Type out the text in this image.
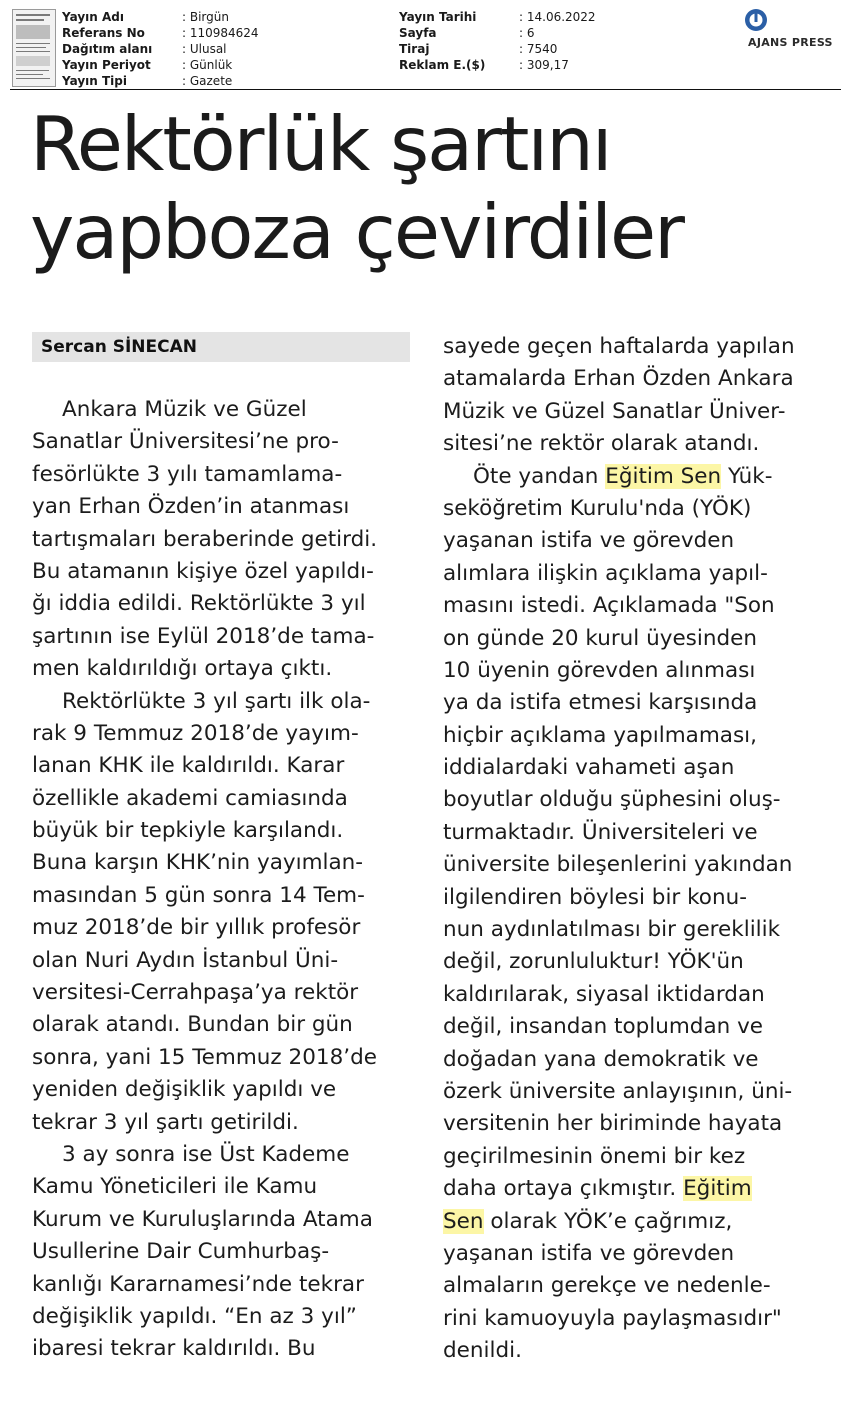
Yayın Adı	: Birgün
Referans No	: 110984624
Dağıtım alanı : Ulusal
Yayın Periyot	: Günlük
Yayın Tipi	: Gazete
Yayın Tarihi	: 14.06.2022
Sayfa	: 6
Tiraj	: 7540
Reklam E.($)	: 309,17
AJANS PRESS
Rektörlük şartını
yapboza çevirdiler
Sercan SİNECAN
Ankara Müzik ve Güzel
Sanatlar Üniversitesi’ne pro-
fesörlükte 3 yılı tamamlama-
yan Erhan Özden’in atanması
tartışmaları beraberinde getirdi.
Bu atamanın kişiye özel yapıldı-
ğı iddia edildi. Rektörlükte 3 yıl
şartının ise Eylül 2018’de tama-
men kaldırıldığı ortaya çıktı.
Rektörlükte 3 yıl şartı ilk ola-
rak 9 Temmuz 2018’de yayım-
lanan KHK ile kaldırıldı. Karar
özellikle akademi camiasında
büyük bir tepkiyle karşılandı.
Buna karşın KHK’nin yayımlan-
masından 5 gün sonra 14 Tem-
muz 2018’de bir yıllık profesör
olan Nuri Aydın İstanbul Üni-
versitesi-Cerrahpaşa’ya rektör
olarak atandı. Bundan bir gün
sonra, yani 15 Temmuz 2018’de
yeniden değişiklik yapıldı ve
tekrar 3 yıl şartı getirildi.
3 ay sonra ise Üst Kademe
Kamu Yöneticileri ile Kamu
Kurum ve Kuruluşlarında Atama
Usullerine Dair Cumhurbaş-
kanlığı Kararnamesi’nde tekrar
değişiklik yapıldı. “En az 3 yıl”
ibaresi tekrar kaldırıldı. Bu
sayede geçen haftalarda yapılan
atamalarda Erhan Özden Ankara
Müzik ve Güzel Sanatlar Üniver-
sitesi’ne rektör olarak atandı.
Öte yandan Eğitim Sen Yük-
seköğretim Kurulu'nda (YÖK)
yaşanan istifa ve görevden
alımlara ilişkin açıklama yapıl-
masını istedi. Açıklamada "Son
on günde 20 kurul üyesinden
10 üyenin görevden alınması
ya da istifa etmesi karşısında
hiçbir açıklama yapılmaması,
iddialardaki vahameti aşan
boyutlar olduğu şüphesini oluş-
turmaktadır. Üniversiteleri ve
üniversite bileşenlerini yakından
ilgilendiren böylesi bir konu-
nun aydınlatılması bir gereklilik
değil, zorunluluktur! YÖK'ün
kaldırılarak, siyasal iktidardan
değil, insandan toplumdan ve
doğadan yana demokratik ve
özerk üniversite anlayışının, üni-
versitenin her biriminde hayata
geçirilmesinin önemi bir kez
daha ortaya çıkmıştır. Eğitim
Sen olarak YÖK’e çağrımız,
yaşanan istifa ve görevden
almaların gerekçe ve nedenle-
rini kamuoyuyla paylaşmasıdır"
denildi.
